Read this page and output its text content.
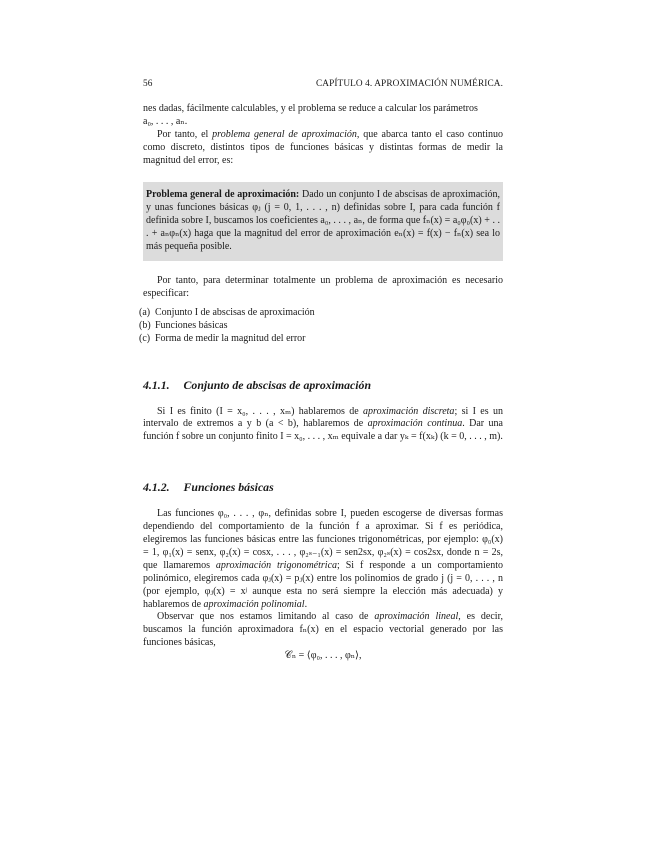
56	CAPÍTULO 4. APROXIMACIÓN NUMÉRICA.

nes dadas, fácilmente calculables, y el problema se reduce a calcular los parámetros
a₀, . . . , aₙ.

Por tanto, el problema general de aproximación, que abarca tanto el caso continuo como discreto, distintos tipos de funciones básicas y distintas formas de medir la magnitud del error, es:

Problema general de aproximación: Dado un conjunto I de abscisas de aproximación, y unas funciones básicas φⱼ (j = 0, 1, . . . , n) definidas sobre I, para cada función f definida sobre I, buscamos los coeficientes a₀, . . . , aₙ, de forma que fₙ(x) = a₀φ₀(x) + . . . + aₙφₙ(x) haga que la magnitud del error de aproximación eₙ(x) = f(x) − fₙ(x) sea lo más pequeña posible.

Por tanto, para determinar totalmente un problema de aproximación es necesario especificar:

(a) Conjunto I de abscisas de aproximación
(b) Funciones básicas
(c) Forma de medir la magnitud del error
4.1.1. Conjunto de abscisas de aproximación

Si I es finito (I = x₀, . . . , xₘ) hablaremos de aproximación discreta; si I es un intervalo de extremos a y b (a < b), hablaremos de aproximación continua. Dar una función f sobre un conjunto finito I = x₀, . . . , xₘ equivale a dar yₖ = f(xₖ) (k = 0, . . . , m).

4.1.2. Funciones básicas

Las funciones φ₀, . . . , φₙ, definidas sobre I, pueden escogerse de diversas formas dependiendo del comportamiento de la función f a aproximar. Si f es periódica, elegiremos las funciones básicas entre las funciones trigonométricas, por ejemplo: φ₀(x) = 1, φ₁(x) = senx, φ₂(x) = cosx, . . . , φ₂ₛ₋₁(x) = sen2sx, φ₂ₛ(x) = cos2sx, donde n = 2s, que llamaremos aproximación trigonométrica; Si f responde a un comportamiento polinómico, elegiremos cada φⱼ(x) = pⱼ(x) entre los polinomios de grado j (j = 0, . . . , n (por ejemplo, φⱼ(x) = xʲ aunque esta no será siempre la elección más adecuada) y hablaremos de aproximación polinomial.

Observar que nos estamos limitando al caso de aproximación lineal, es decir, buscamos la función aproximadora fₙ(x) en el espacio vectorial generado por las funciones básicas,

𝒞ₙ = ⟨φ₀, . . . , φₙ⟩,
